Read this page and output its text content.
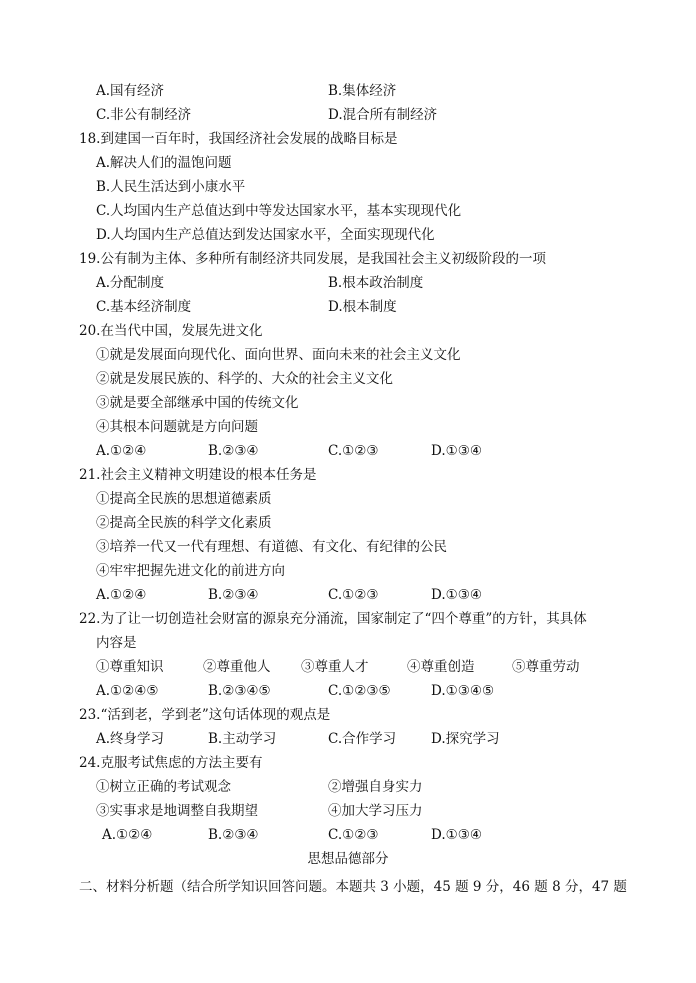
A.国有经济	B.集体经济
C.非公有制经济	D.混合所有制经济
18.到建国一百年时，我国经济社会发展的战略目标是
A.解决人们的温饱问题
B.人民生活达到小康水平
C.人均国内生产总值达到中等发达国家水平，基本实现现代化
D.人均国内生产总值达到发达国家水平，全面实现现代化
19.公有制为主体、多种所有制经济共同发展，是我国社会主义初级阶段的一项
A.分配制度	B.根本政治制度
C.基本经济制度	D.根本制度
20.在当代中国，发展先进文化
①就是发展面向现代化、面向世界、面向未来的社会主义文化
②就是发展民族的、科学的、大众的社会主义文化
③就是要全部继承中国的传统文化
④其根本问题就是方向问题
A.①②④	B.②③④	C.①②③	D.①③④
21.社会主义精神文明建设的根本任务是
①提高全民族的思想道德素质
②提高全民族的科学文化素质
③培养一代又一代有理想、有道德、有文化、有纪律的公民
④牢牢把握先进文化的前进方向
A.①②④	B.②③④	C.①②③	D.①③④
22.为了让一切创造社会财富的源泉充分涌流，国家制定了“四个尊重”的方针，其具体
内容是
①尊重知识	②尊重他人 ③尊重人才	④尊重创造	⑤尊重劳动
A.①②④⑤	B.②③④⑤	C.①②③⑤	D.①③④⑤
23.“活到老，学到老”这句话体现的观点是
A.终身学习	B.主动学习	C.合作学习	D.探究学习
24.克服考试焦虑的方法主要有
①树立正确的考试观念	②增强自身实力
③实事求是地调整自我期望	④加大学习压力
A.①②④	B.②③④	C.①②③	D.①③④
思想品德部分
二、材料分析题（结合所学知识回答问题。本题共 3 小题，45 题 9 分，46 题 8 分，47 题
